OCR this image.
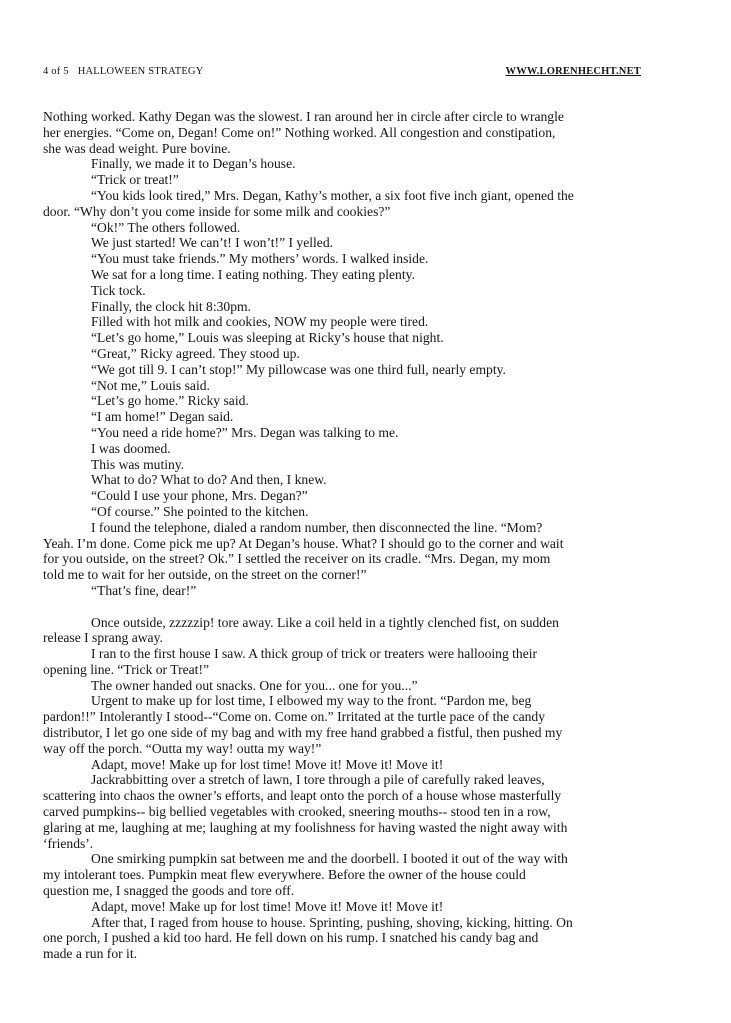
4 of 5 HALLOWEEN STRATEGY	WWW.LORENHECHT.NET

Nothing worked. Kathy Degan was the slowest. I ran around her in circle after circle to wrangle
her energies. “Come on, Degan! Come on!” Nothing worked. All congestion and constipation,
she was dead weight. Pure bovine.

Finally, we made it to Degan’s house.

“Trick or treat!”

“You kids look tired,” Mrs. Degan, Kathy’s mother, a six foot five inch giant, opened the
door. “Why don’t you come inside for some milk and cookies?”

“Ok!” The others followed.

We just started! We can’t! I won’t!” I yelled.

“You must take friends.” My mothers’ words. I walked inside.

We sat for a long time. I eating nothing. They eating plenty.

Tick tock.

Finally, the clock hit 8:30pm.

Filled with hot milk and cookies, NOW my people were tired.

“Let’s go home,” Louis was sleeping at Ricky’s house that night.

“Great,” Ricky agreed. They stood up.

“We got till 9. I can’t stop!” My pillowcase was one third full, nearly empty.

“Not me,” Louis said.

“Let’s go home.” Ricky said.

“I am home!” Degan said.

“You need a ride home?” Mrs. Degan was talking to me.

I was doomed.

This was mutiny.

What to do? What to do? And then, I knew.

“Could I use your phone, Mrs. Degan?”

“Of course.” She pointed to the kitchen.

I found the telephone, dialed a random number, then disconnected the line. “Mom?
Yeah. I’m done. Come pick me up? At Degan’s house. What? I should go to the corner and wait
for you outside, on the street? Ok.” I settled the receiver on its cradle. “Mrs. Degan, my mom
told me to wait for her outside, on the street on the corner!”

“That’s fine, dear!”

Once outside, zzzzzip! tore away. Like a coil held in a tightly clenched fist, on sudden
release I sprang away.

I ran to the first house I saw. A thick group of trick or treaters were hallooing their
opening line. “Trick or Treat!”

The owner handed out snacks. One for you... one for you...”

Urgent to make up for lost time, I elbowed my way to the front. “Pardon me, beg
pardon!!” Intolerantly I stood--“Come on. Come on.” Irritated at the turtle pace of the candy
distributor, I let go one side of my bag and with my free hand grabbed a fistful, then pushed my
way off the porch. “Outta my way! outta my way!”

Adapt, move! Make up for lost time! Move it! Move it! Move it!

Jackrabbitting over a stretch of lawn, I tore through a pile of carefully raked leaves,
scattering into chaos the owner’s efforts, and leapt onto the porch of a house whose masterfully
carved pumpkins-- big bellied vegetables with crooked, sneering mouths-- stood ten in a row,
glaring at me, laughing at me; laughing at my foolishness for having wasted the night away with
‘friends’.

One smirking pumpkin sat between me and the doorbell. I booted it out of the way with
my intolerant toes. Pumpkin meat flew everywhere. Before the owner of the house could
question me, I snagged the goods and tore off.

Adapt, move! Make up for lost time! Move it! Move it! Move it!

After that, I raged from house to house. Sprinting, pushing, shoving, kicking, hitting. On
one porch, I pushed a kid too hard. He fell down on his rump. I snatched his candy bag and
made a run for it.
